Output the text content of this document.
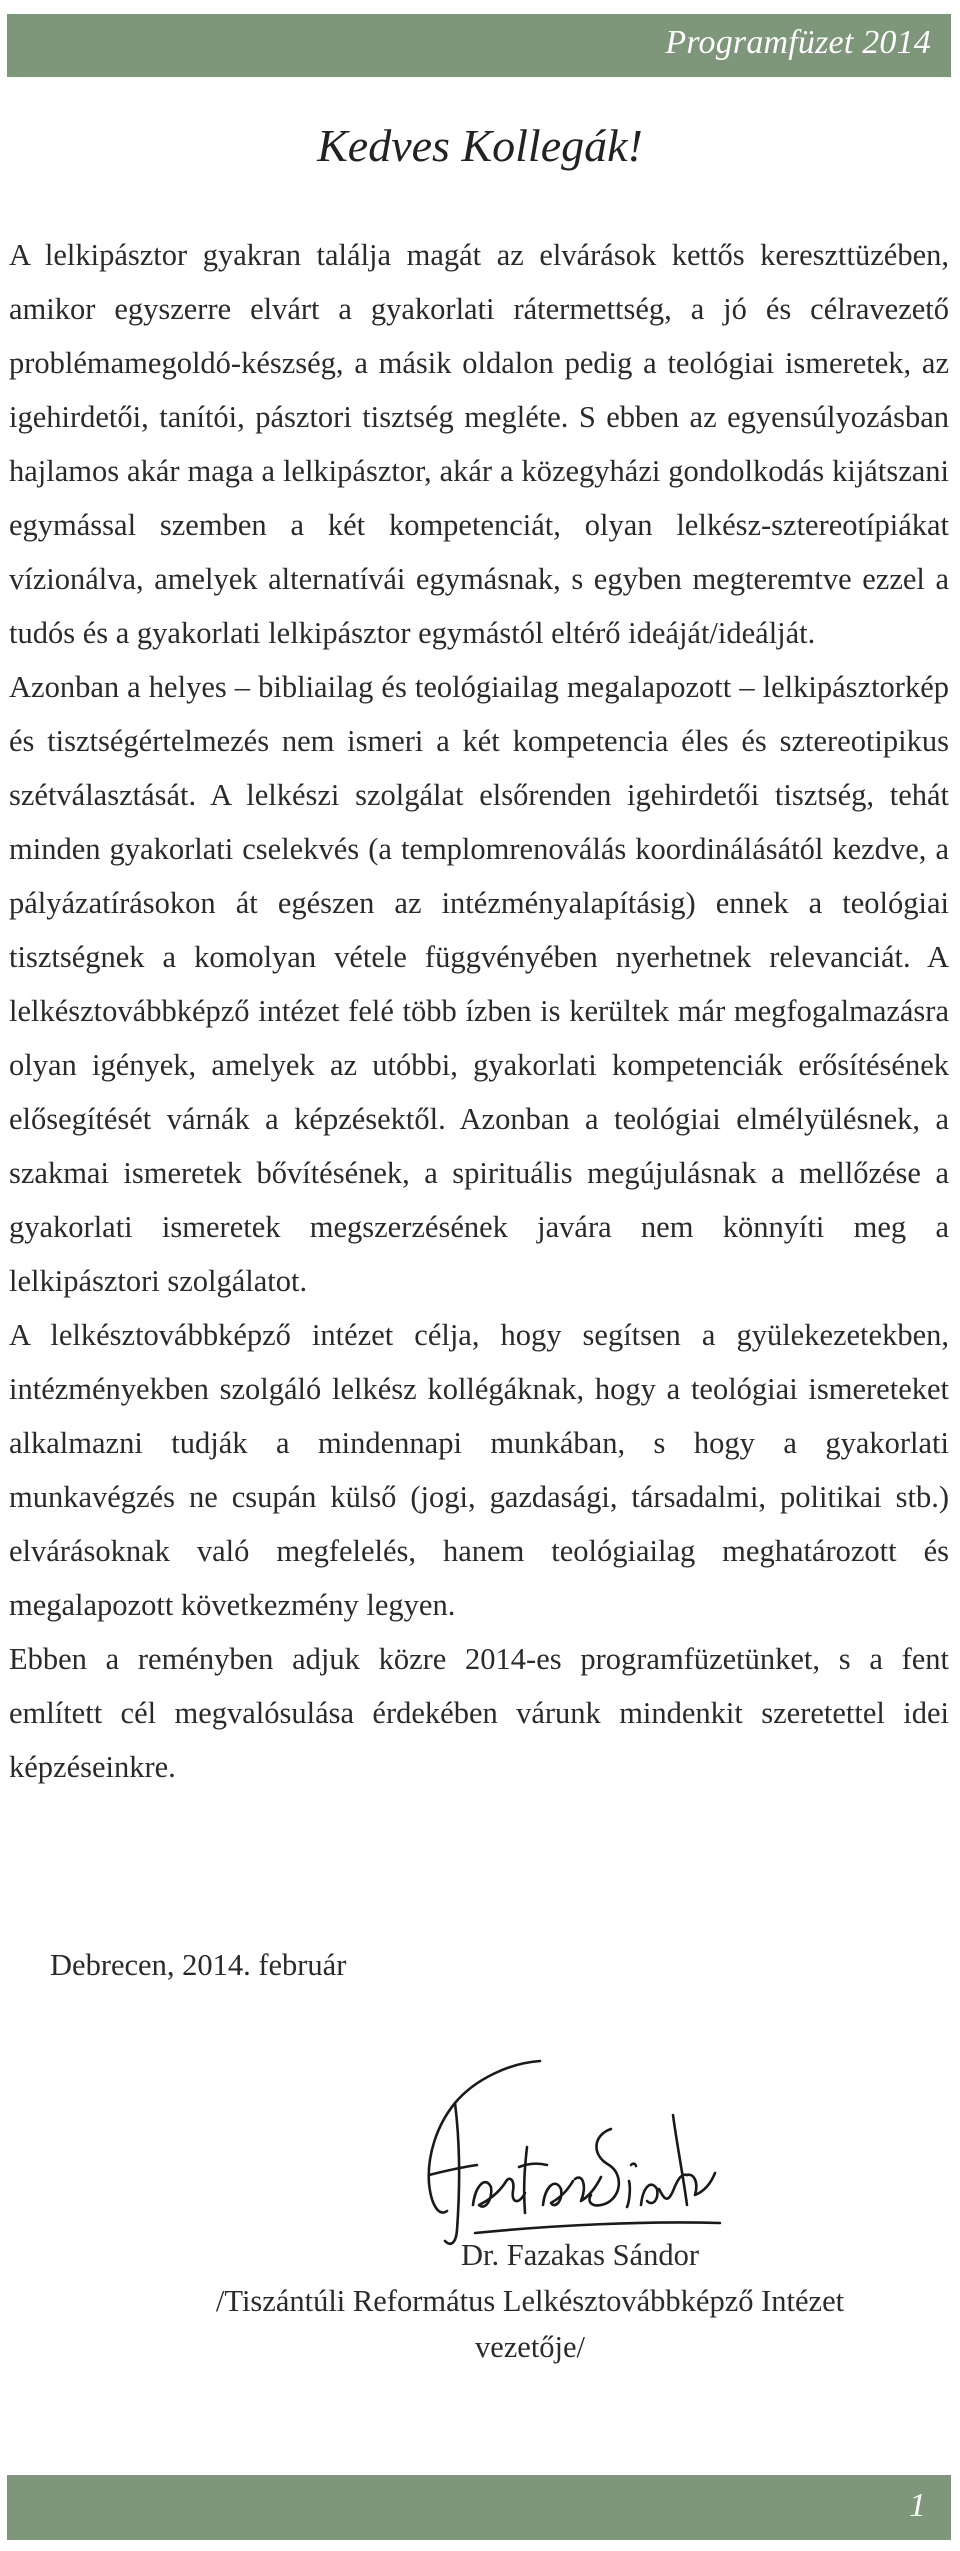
Programfüzet 2014
Kedves Kollegák!

A lelkipásztor gyakran találja magát az elvárások kettős kereszttüzében, amikor egyszerre elvárt a gyakorlati rátermettség, a jó és célravezető problémamegoldó-készség, a másik oldalon pedig a teológiai ismeretek, az igehirdetői, tanítói, pásztori tisztség megléte. S ebben az egyensúlyozásban hajlamos akár maga a lelkipásztor, akár a közegyházi gondolkodás kijátszani egymással szemben a két kompetenciát, olyan lelkész-sztereotípiákat vízionálva, amelyek alternatívái egymásnak, s egyben megteremtve ezzel a tudós és a gyakorlati lelkipásztor egymástól eltérő ideáját/ideálját.

Azonban a helyes – bibliailag és teológiailag megalapozott – lelkipásztorkép és tisztségértelmezés nem ismeri a két kompetencia éles és sztereotipikus szétválasztását. A lelkészi szolgálat elsőrenden igehirdetői tisztség, tehát minden gyakorlati cselekvés (a templomrenoválás koordinálásától kezdve, a pályázatírásokon át egészen az intézményalapításig) ennek a teológiai tisztségnek a komolyan vétele függvényében nyerhetnek relevanciát. A lelkésztovábbképző intézet felé több ízben is kerültek már megfogalmazásra olyan igények, amelyek az utóbbi, gyakorlati kompetenciák erősítésének elősegítését várnák a képzésektől. Azonban a teológiai elmélyülésnek, a szakmai ismeretek bővítésének, a spirituális megújulásnak a mellőzése a gyakorlati ismeretek megszerzésének javára nem könnyíti meg a lelkipásztori szolgálatot.

A lelkésztovábbképző intézet célja, hogy segítsen a gyülekezetekben, intézményekben szolgáló lelkész kollégáknak, hogy a teológiai ismereteket alkalmazni tudják a mindennapi munkában, s hogy a gyakorlati munkavégzés ne csupán külső (jogi, gazdasági, társadalmi, politikai stb.) elvárásoknak való megfelelés, hanem teológiailag meghatározott és megalapozott következmény legyen.

Ebben a reményben adjuk közre 2014-es programfüzetünket, s a fent említett cél megvalósulása érdekében várunk mindenkit szeretettel idei képzéseinkre.

Debrecen, 2014. február
Dr. Fazakas Sándor
/Tiszántúli Református Lelkésztovábbképző Intézet
vezetője/
1
